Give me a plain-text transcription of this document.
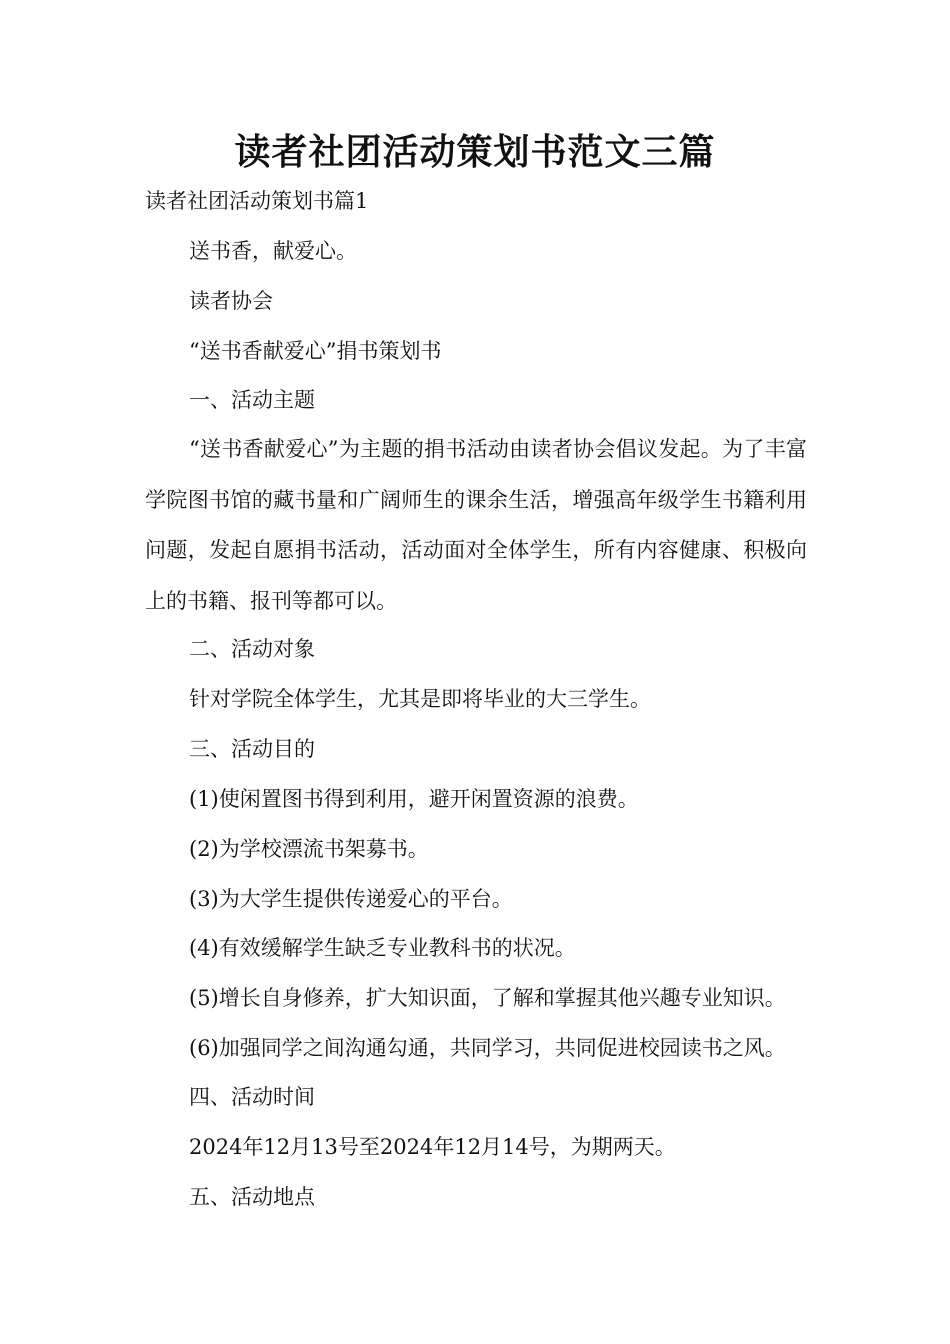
读者社团活动策划书范文三篇

读者社团活动策划书篇1

送书香，献爱心。

读者协会

“送书香献爱心”捐书策划书

一、活动主题

“送书香献爱心”为主题的捐书活动由读者协会倡议发起。为了丰富学院图书馆的藏书量和广阔师生的课余生活，增强高年级学生书籍利用问题，发起自愿捐书活动，活动面对全体学生，所有内容健康、积极向上的书籍、报刊等都可以。

二、活动对象

针对学院全体学生，尤其是即将毕业的大三学生。

三、活动目的

(1)使闲置图书得到利用，避开闲置资源的浪费。

(2)为学校漂流书架募书。

(3)为大学生提供传递爱心的平台。

(4)有效缓解学生缺乏专业教科书的状况。

(5)增长自身修养，扩大知识面，了解和掌握其他兴趣专业知识。

(6)加强同学之间沟通勾通，共同学习，共同促进校园读书之风。

四、活动时间

2024年12月13号至2024年12月14号，为期两天。

五、活动地点
